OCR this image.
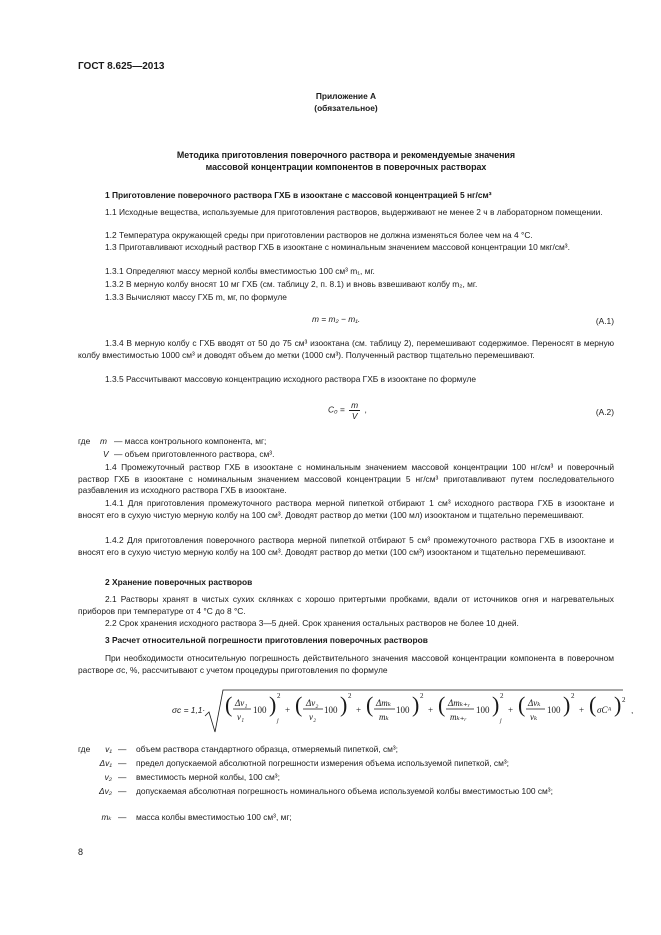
ГОСТ 8.625—2013
Приложение А
(обязательное)
Методика приготовления поверочного раствора и рекомендуемые значения
массовой концентрации компонентов в поверочных растворах
1 Приготовление поверочного раствора ГХБ в изооктане с массовой концентрацией 5 нг/см³
1.1 Исходные вещества, используемые для приготовления растворов, выдерживают не менее 2 ч в лабораторном помещении.
1.2 Температура окружающей среды при приготовлении растворов не должна изменяться более чем на 4 °С.
1.3 Приготавливают исходный раствор ГХБ в изооктане с номинальным значением массовой концентрации 10 мкг/см³.
1.3.1 Определяют массу мерной колбы вместимостью 100 см³ m₁, мг.
1.3.2 В мерную колбу вносят 10 мг ГХБ (см. таблицу 2, п. 8.1) и вновь взвешивают колбу m₂, мг.
1.3.3 Вычисляют массу ГХБ m, мг, по формуле
m = m₂ − m₁.	(А.1)
1.3.4 В мерную колбу с ГХБ вводят от 50 до 75 см³ изооктана (см. таблицу 2), перемешивают содержимое. Переносят в мерную колбу вместимостью 1000 см³ и доводят объем до метки (1000 см³). Полученный раствор тщательно перемешивают.
1.3.5 Рассчитывают массовую концентрацию исходного раствора ГХБ в изооктане по формуле
$C_0 = \frac{m}{V}$ ,	(А.2)
где m — масса контрольного компонента, мг;
V — объем приготовленного раствора, см³.
1.4 Промежуточный раствор ГХБ в изооктане с номинальным значением массовой концентрации 100 нг/см³ и поверочный раствор ГХБ в изооктане с номинальным значением массовой концентрации 5 нг/см³ приготавливают путем последовательного разбавления из исходного раствора ГХБ в изооктане.
1.4.1 Для приготовления промежуточного раствора мерной пипеткой отбирают 1 см³ исходного раствора ГХБ в изооктане и вносят его в сухую чистую мерную колбу на 100 см³. Доводят раствор до метки (100 мл) изооктаном и тщательно перемешивают.
1.4.2 Для приготовления поверочного раствора мерной пипеткой отбирают 5 см³ промежуточного раствора ГХБ в изооктане и вносят его в сухую чистую мерную колбу на 100 см³. Доводят раствор до метки (100 см³) изооктаном и тщательно перемешивают.
2 Хранение поверочных растворов
2.1 Растворы хранят в чистых сухих склянках с хорошо притертыми пробками, вдали от источников огня и нагревательных приборов при температуре от 4 °С до 8 °С.
2.2 Срок хранения исходного раствора 3—5 дней. Срок хранения остальных растворов не более 10 дней.
3 Расчет относительной погрешности приготовления поверочных растворов
При необходимости относительную погрешность действительного значения массовой концентрации компонента в поверочном растворе σс, %, рассчитывают с учетом процедуры приготовления по формуле
σс = 1,1· ( Δv₁
v₁
100 ) 2
j
+ ( Δv₂
v₂
100 ) 2
+ ( Δmₖ
mₖ
100 ) 2
+ ( Δmₖ₊ᵣ
mₖ₊ᵣ
100 ) 2
j
+ ( Δvₖ
vₖ
100 ) 2
+ ( σCᴬ ) 2
,
где	v₁ — объем раствора стандартного образца, отмеряемый пипеткой, см³;
Δv₁ — предел допускаемой абсолютной погрешности измерения объема используемой пипеткой, см³;
v₂ — вместимость мерной колбы, 100 см³;
Δv₂ — допускаемая абсолютная погрешность номинального объема используемой колбы вместимостью 100 см³;
mₖ — масса колбы вместимостью 100 см³, мг;
8
